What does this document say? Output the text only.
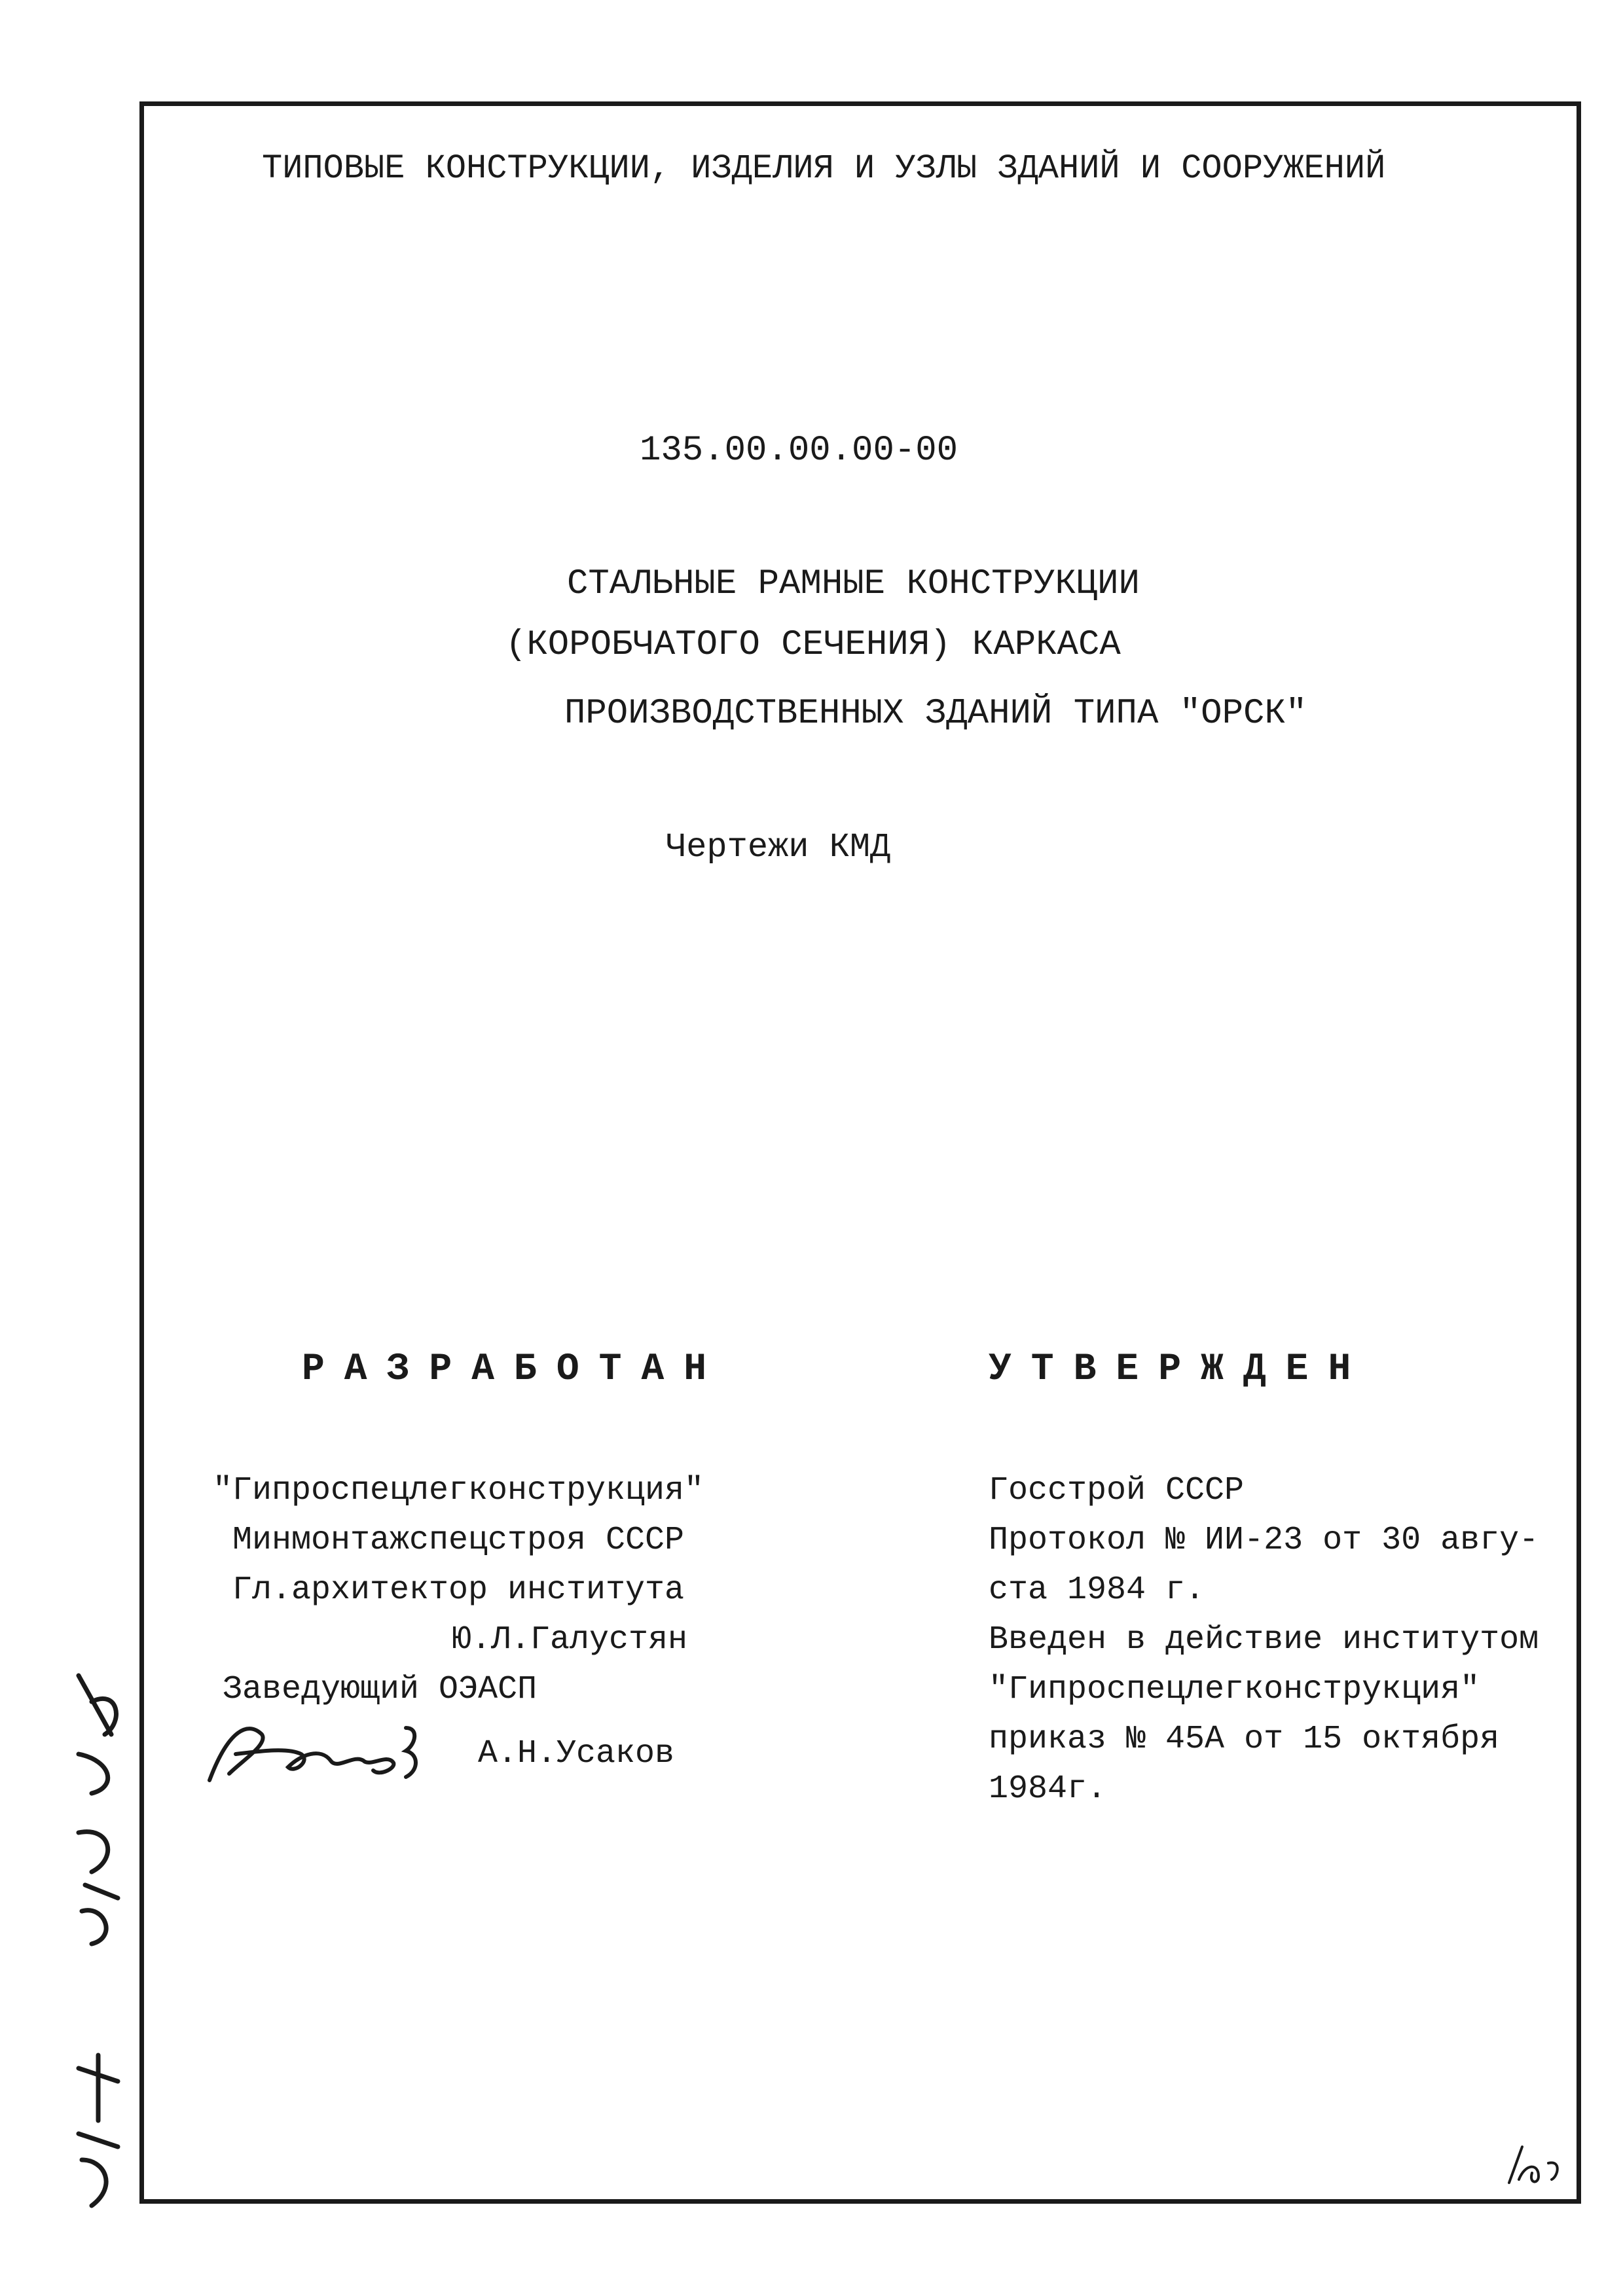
ТИПОВЫЕ КОНСТРУКЦИИ, ИЗДЕЛИЯ И УЗЛЫ ЗДАНИЙ И СООРУЖЕНИЙ
135.00.00.00-00
СТАЛЬНЫЕ РАМНЫЕ КОНСТРУКЦИИ
(КОРОБЧАТОГО СЕЧЕНИЯ) КАРКАСА
ПРОИЗВОДСТВЕННЫХ ЗДАНИЙ ТИПА "ОРСК"
Чертежи КМД
РАЗРАБОТАН	УТВЕРЖДЕН
"Гипроспецлегконструкция"
Минмонтажспецстроя СССР
Гл.архитектор института
Ю.Л.Галустян
Заведующий ОЭАСП
А.Н.Усаков
Госстрой СССР
Протокол № ИИ-23 от 30 авгу-
ста 1984 г.
Введен в действие институтом
"Гипроспецлегконструкция"
приказ № 45А от 15 октября
1984г.
